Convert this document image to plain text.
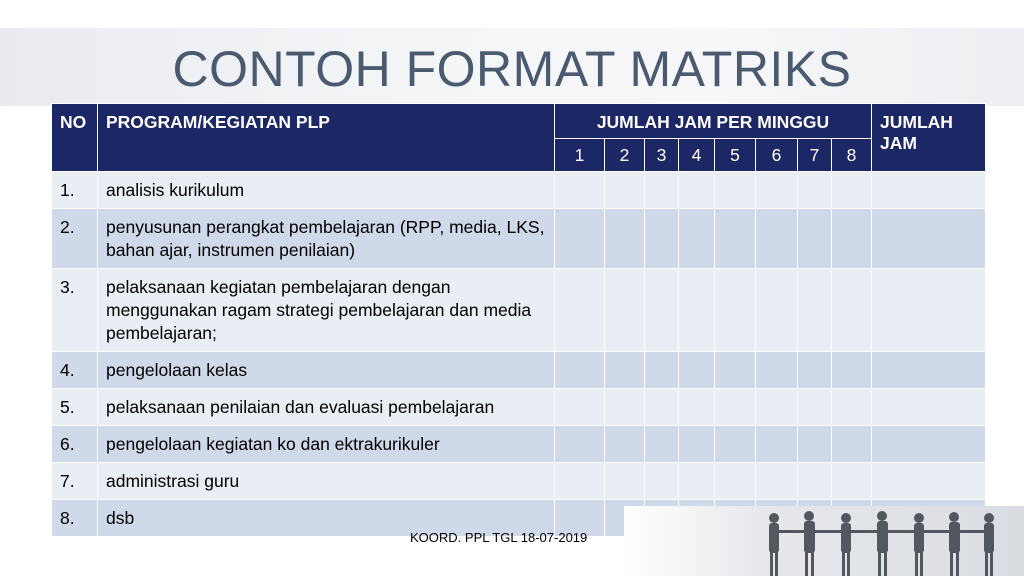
CONTOH FORMAT MATRIKS
NO	PROGRAM/KEGIATAN PLP	JUMLAH JAM PER MINGGU								JUMLAH JAM

		1	2	3	4	5	6	7	8	
1.	analisis kurikulum									
2.	penyusunan perangkat pembelajaran (RPP, media, LKS, bahan ajar, instrumen penilaian)									
3.	pelaksanaan kegiatan pembelajaran dengan menggunakan ragam strategi pembelajaran dan media pembelajaran;									
4.	pengelolaan kelas									
5.	pelaksanaan penilaian dan evaluasi pembelajaran									
6.	pengelolaan kegiatan ko dan ektrakurikuler									
7.	administrasi guru									
8.	dsb									
KOORD. PPL TGL 18-07-2019
